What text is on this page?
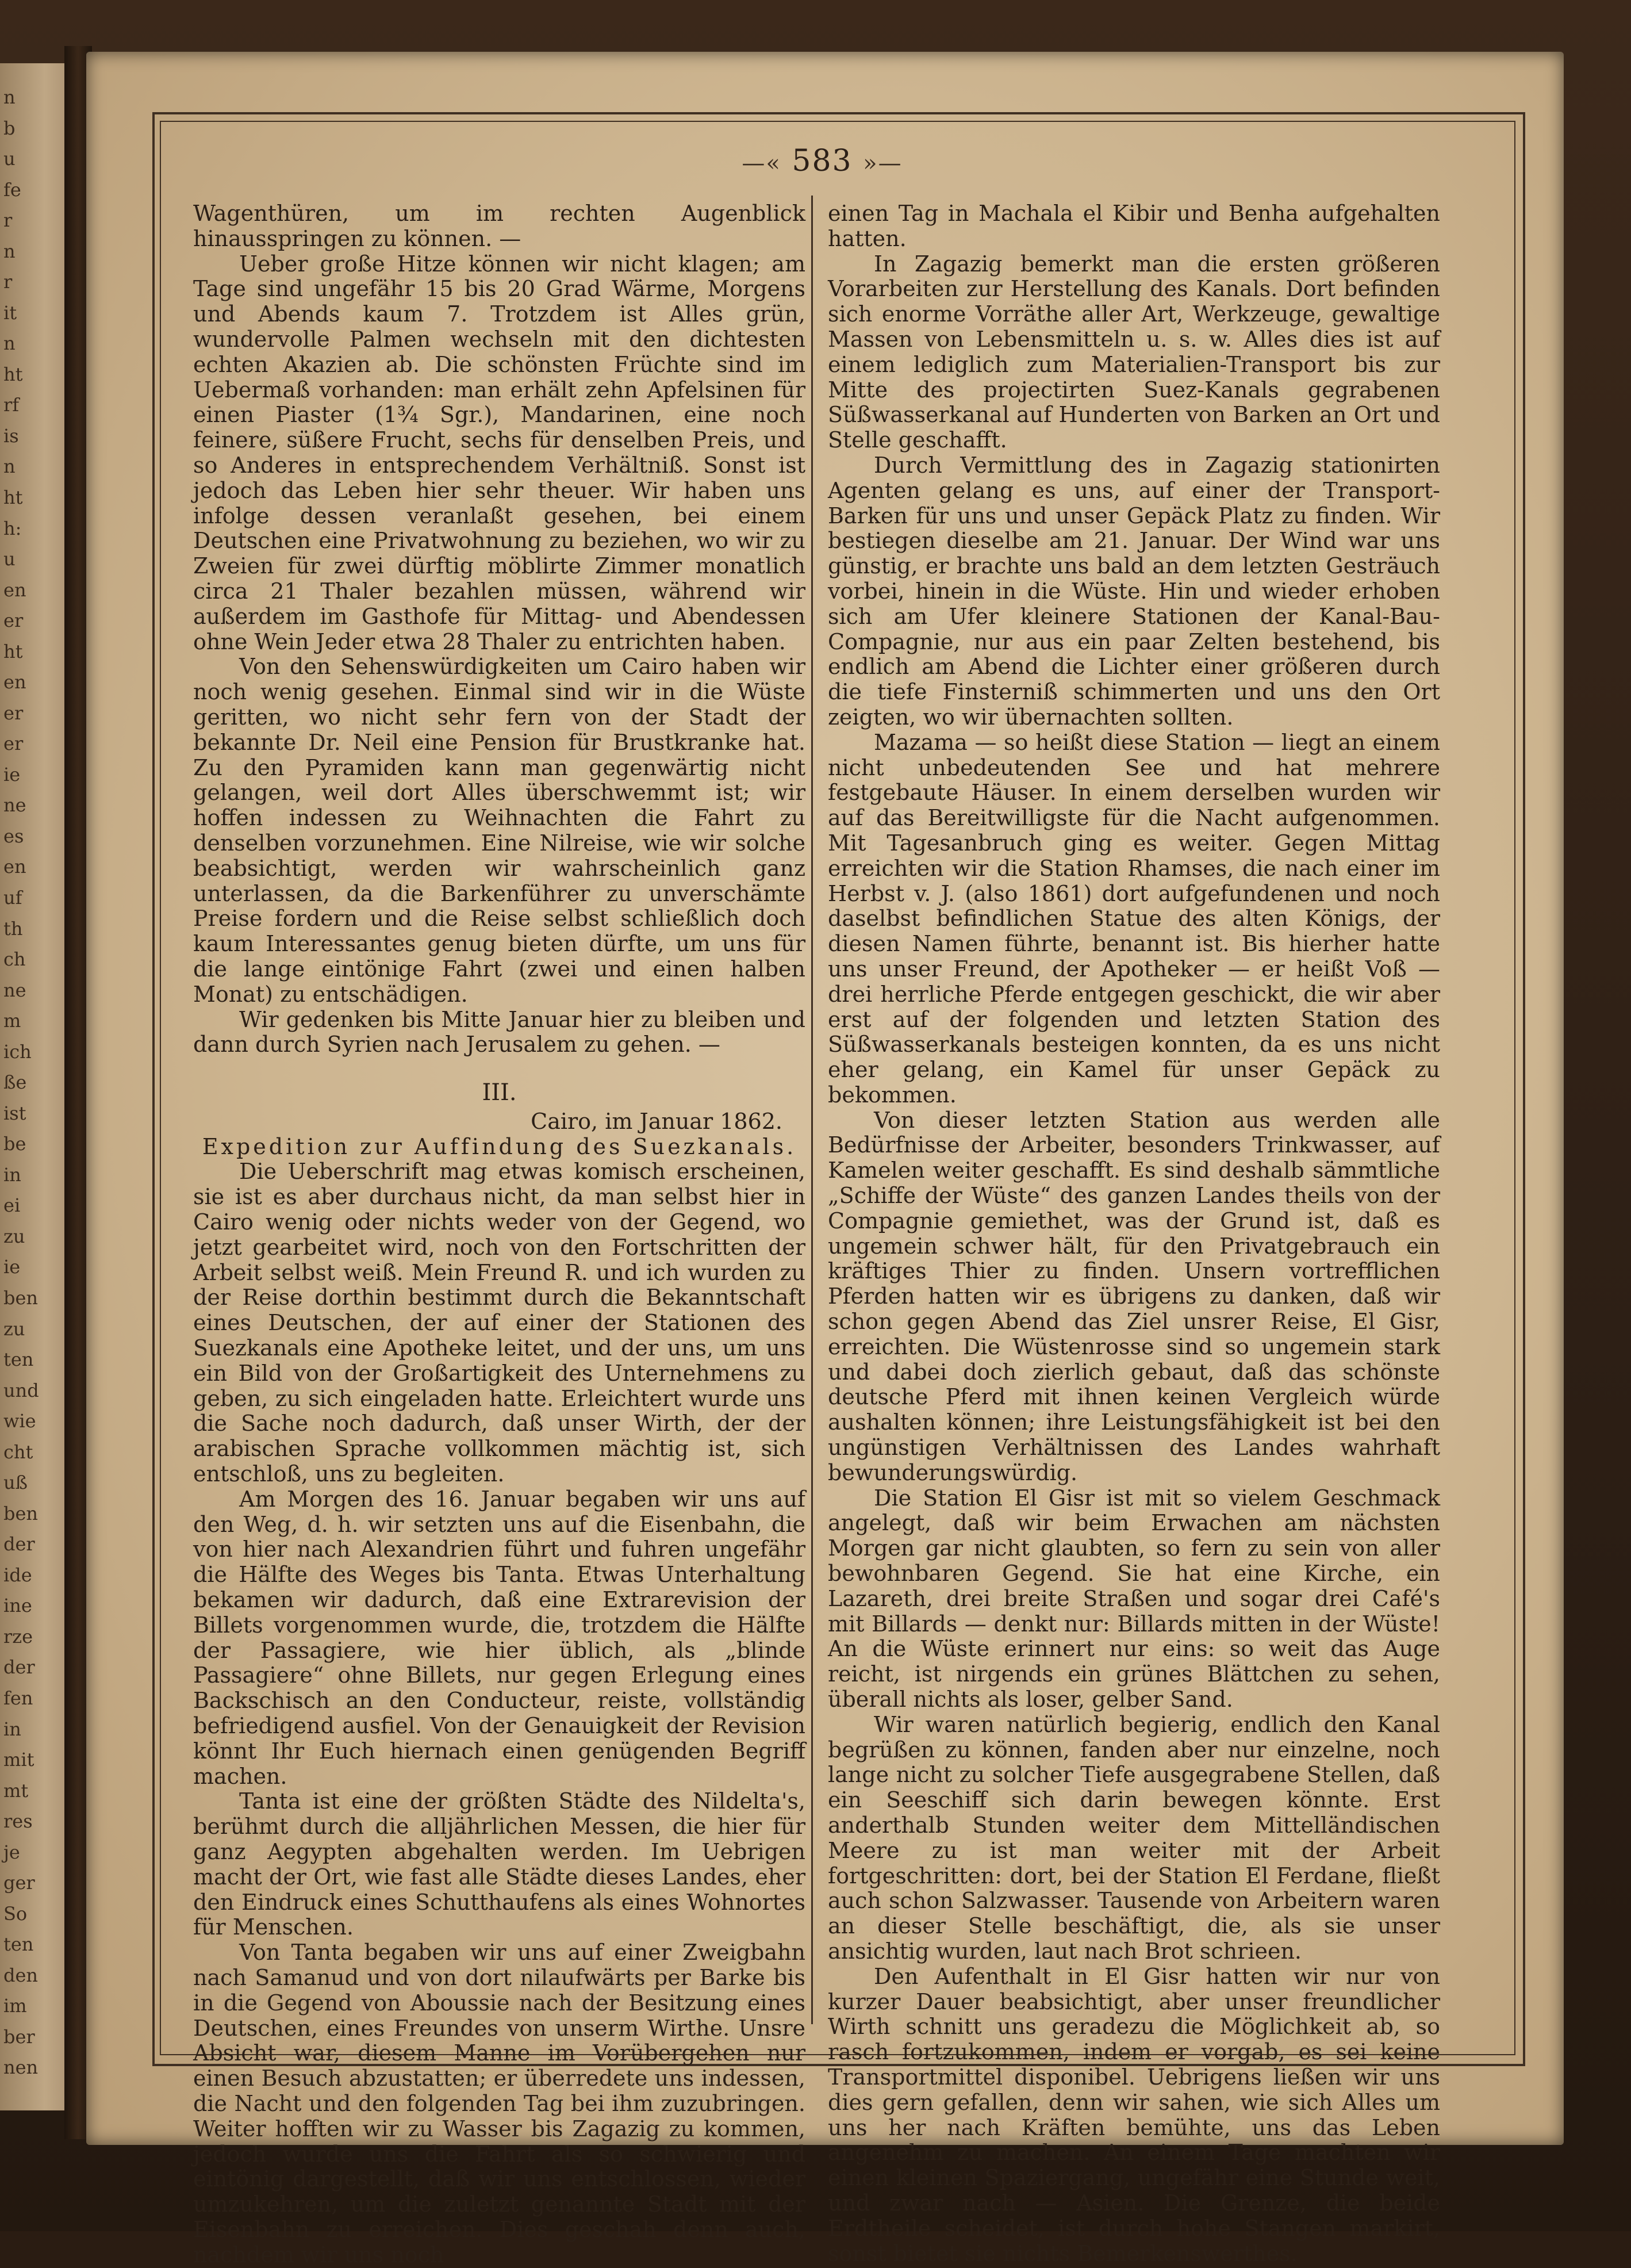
n
b
u
fe
r
n
r
it
n
ht
rf
is
n
ht
h:
u
en
er
ht
en
er
er
ie
ne
es
en
uf
th
ch
ne
m
ich
ße
ist
be
in
ei
zu
ie
ben
zu
ten
und
wie
cht
uß
ben
der
ide
ine
rze
der
fen
in
mit
mt
res
je
ger
So
ten
den
im
ber
nen
—« 583 »—

Wagenthüren, um im rechten Augenblick hinausspringen zu können. —

Ueber große Hitze können wir nicht klagen; am Tage sind ungefähr 15 bis 20 Grad Wärme, Morgens und Abends kaum 7. Trotzdem ist Alles grün, wundervolle Palmen wechseln mit den dichtesten echten Akazien ab. Die schönsten Früchte sind im Uebermaß vorhanden: man erhält zehn Apfelsinen für einen Piaster (1¾ Sgr.), Mandarinen, eine noch feinere, süßere Frucht, sechs für denselben Preis, und so Anderes in entsprechendem Verhältniß. Sonst ist jedoch das Leben hier sehr theuer. Wir haben uns infolge dessen veranlaßt gesehen, bei einem Deutschen eine Privatwohnung zu beziehen, wo wir zu Zweien für zwei dürftig möblirte Zimmer monatlich circa 21 Thaler bezahlen müssen, während wir außerdem im Gasthofe für Mittag- und Abendessen ohne Wein Jeder etwa 28 Thaler zu entrichten haben.

Von den Sehenswürdigkeiten um Cairo haben wir noch wenig gesehen. Einmal sind wir in die Wüste geritten, wo nicht sehr fern von der Stadt der bekannte Dr. Neil eine Pension für Brustkranke hat. Zu den Pyramiden kann man gegenwärtig nicht gelangen, weil dort Alles überschwemmt ist; wir hoffen indessen zu Weihnachten die Fahrt zu denselben vorzunehmen. Eine Nilreise, wie wir solche beabsichtigt, werden wir wahrscheinlich ganz unterlassen, da die Barkenführer zu unverschämte Preise fordern und die Reise selbst schließlich doch kaum Interessantes genug bieten dürfte, um uns für die lange eintönige Fahrt (zwei und einen halben Monat) zu entschädigen.

Wir gedenken bis Mitte Januar hier zu bleiben und dann durch Syrien nach Jerusalem zu gehen. —

III.

Cairo, im Januar 1862.

Expedition zur Auffindung des Suezkanals.

Die Ueberschrift mag etwas komisch erscheinen, sie ist es aber durchaus nicht, da man selbst hier in Cairo wenig oder nichts weder von der Gegend, wo jetzt gearbeitet wird, noch von den Fortschritten der Arbeit selbst weiß. Mein Freund R. und ich wurden zu der Reise dorthin bestimmt durch die Bekanntschaft eines Deutschen, der auf einer der Stationen des Suezkanals eine Apotheke leitet, und der uns, um uns ein Bild von der Großartigkeit des Unternehmens zu geben, zu sich eingeladen hatte. Erleichtert wurde uns die Sache noch dadurch, daß unser Wirth, der der arabischen Sprache vollkommen mächtig ist, sich entschloß, uns zu begleiten.

Am Morgen des 16. Januar begaben wir uns auf den Weg, d. h. wir setzten uns auf die Eisenbahn, die von hier nach Alexandrien führt und fuhren ungefähr die Hälfte des Weges bis Tanta. Etwas Unterhaltung bekamen wir dadurch, daß eine Extrarevision der Billets vorgenommen wurde, die, trotzdem die Hälfte der Passagiere, wie hier üblich, als „blinde Passagiere“ ohne Billets, nur gegen Erlegung eines Backschisch an den Conducteur, reiste, vollständig befriedigend ausfiel. Von der Genauigkeit der Revision könnt Ihr Euch hiernach einen genügenden Begriff machen.

Tanta ist eine der größten Städte des Nildelta's, berühmt durch die alljährlichen Messen, die hier für ganz Aegypten abgehalten werden. Im Uebrigen macht der Ort, wie fast alle Städte dieses Landes, eher den Eindruck eines Schutthaufens als eines Wohnortes für Menschen.

Von Tanta begaben wir uns auf einer Zweigbahn nach Samanud und von dort nilaufwärts per Barke bis in die Gegend von Aboussie nach der Besitzung eines Deutschen, eines Freundes von unserm Wirthe. Unsre Absicht war, diesem Manne im Vorübergehen nur einen Besuch abzustatten; er überredete uns indessen, die Nacht und den folgenden Tag bei ihm zuzubringen. Weiter hofften wir zu Wasser bis Zagazig zu kommen, jedoch wurde uns die Fahrt als so schwierig und eintönig dargestellt, daß wir uns entschlossen, wieder umzukehren, um die zuletzt genannte Stadt mit der Eisenbahn zu erreichen. Dies geschah denn auch, nachdem wir uns noch

einen Tag in Machala el Kibir und Benha aufgehalten hatten.

In Zagazig bemerkt man die ersten größeren Vorarbeiten zur Herstellung des Kanals. Dort befinden sich enorme Vorräthe aller Art, Werkzeuge, gewaltige Massen von Lebensmitteln u. s. w. Alles dies ist auf einem lediglich zum Materialien-Transport bis zur Mitte des projectirten Suez-Kanals gegrabenen Süßwasserkanal auf Hunderten von Barken an Ort und Stelle geschafft.

Durch Vermittlung des in Zagazig stationirten Agenten gelang es uns, auf einer der Transport-Barken für uns und unser Gepäck Platz zu finden. Wir bestiegen dieselbe am 21. Januar. Der Wind war uns günstig, er brachte uns bald an dem letzten Gesträuch vorbei, hinein in die Wüste. Hin und wieder erhoben sich am Ufer kleinere Stationen der Kanal-Bau-Compagnie, nur aus ein paar Zelten bestehend, bis endlich am Abend die Lichter einer größeren durch die tiefe Finsterniß schimmerten und uns den Ort zeigten, wo wir übernachten sollten.

Mazama — so heißt diese Station — liegt an einem nicht unbedeutenden See und hat mehrere festgebaute Häuser. In einem derselben wurden wir auf das Bereitwilligste für die Nacht aufgenommen. Mit Tagesanbruch ging es weiter. Gegen Mittag erreichten wir die Station Rhamses, die nach einer im Herbst v. J. (also 1861) dort aufgefundenen und noch daselbst befindlichen Statue des alten Königs, der diesen Namen führte, benannt ist. Bis hierher hatte uns unser Freund, der Apotheker — er heißt Voß — drei herrliche Pferde entgegen geschickt, die wir aber erst auf der folgenden und letzten Station des Süßwasserkanals besteigen konnten, da es uns nicht eher gelang, ein Kamel für unser Gepäck zu bekommen.

Von dieser letzten Station aus werden alle Bedürfnisse der Arbeiter, besonders Trinkwasser, auf Kamelen weiter geschafft. Es sind deshalb sämmtliche „Schiffe der Wüste“ des ganzen Landes theils von der Compagnie gemiethet, was der Grund ist, daß es ungemein schwer hält, für den Privatgebrauch ein kräftiges Thier zu finden. Unsern vortrefflichen Pferden hatten wir es übrigens zu danken, daß wir schon gegen Abend das Ziel unsrer Reise, El Gisr, erreichten. Die Wüstenrosse sind so ungemein stark und dabei doch zierlich gebaut, daß das schönste deutsche Pferd mit ihnen keinen Vergleich würde aushalten können; ihre Leistungsfähigkeit ist bei den ungünstigen Verhältnissen des Landes wahrhaft bewunderungswürdig.

Die Station El Gisr ist mit so vielem Geschmack angelegt, daß wir beim Erwachen am nächsten Morgen gar nicht glaubten, so fern zu sein von aller bewohnbaren Gegend. Sie hat eine Kirche, ein Lazareth, drei breite Straßen und sogar drei Café's mit Billards — denkt nur: Billards mitten in der Wüste! An die Wüste erinnert nur eins: so weit das Auge reicht, ist nirgends ein grünes Blättchen zu sehen, überall nichts als loser, gelber Sand.

Wir waren natürlich begierig, endlich den Kanal begrüßen zu können, fanden aber nur einzelne, noch lange nicht zu solcher Tiefe ausgegrabene Stellen, daß ein Seeschiff sich darin bewegen könnte. Erst anderthalb Stunden weiter dem Mittelländischen Meere zu ist man weiter mit der Arbeit fortgeschritten: dort, bei der Station El Ferdane, fließt auch schon Salzwasser. Tausende von Arbeitern waren an dieser Stelle beschäftigt, die, als sie unser ansichtig wurden, laut nach Brot schrieen.

Den Aufenthalt in El Gisr hatten wir nur von kurzer Dauer beabsichtigt, aber unser freundlicher Wirth schnitt uns geradezu die Möglichkeit ab, so rasch fortzukommen, indem er vorgab, es sei keine Transportmittel disponibel. Uebrigens ließen wir uns dies gern gefallen, denn wir sahen, wie sich Alles um uns her nach Kräften bemühte, uns das Leben angenehm zu machen. An einem Tage machten wir einen kleinen Spaziergang, ungefähr eine Stunde weit, und zwar nach — Asien. Die Grenze, die beide Erdtheile scheidet, ist durch hohe Stangen markirt, sonst bietet sie nichts Bemerkenswerthes.
